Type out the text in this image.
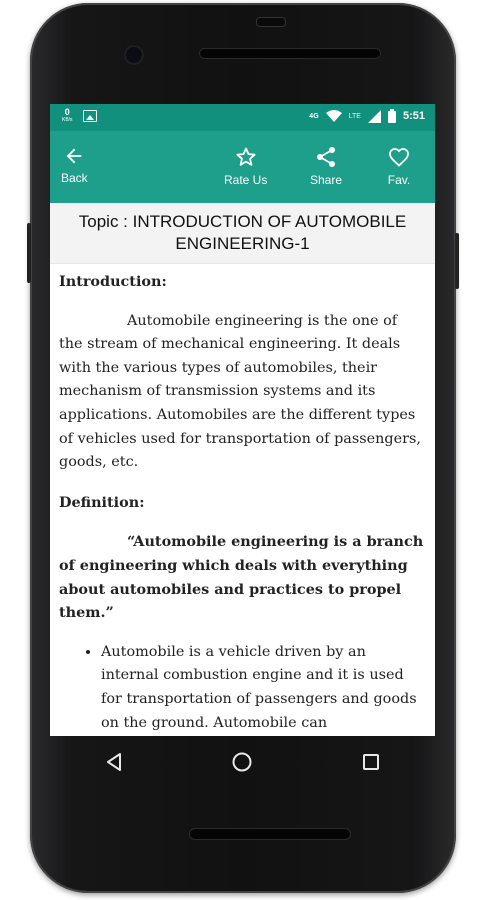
0
KB/s
4G	LTE	5:51
Back	Rate Us	Share	Fav.
Topic : INTRODUCTION OF AUTOMOBILE ENGINEERING-1

Introduction:

Automobile engineering is the one of the stream of mechanical engineering. It deals with the various types of automobiles, their mechanism of transmission systems and its applications. Automobiles are the different types of vehicles used for transportation of passengers, goods, etc.

Definition:

“Automobile engineering is a branch of engineering which deals with everything about automobiles and practices to propel them.”

• Automobile is a vehicle driven by an internal combustion engine and it is used for transportation of passengers and goods on the ground. Automobile can
